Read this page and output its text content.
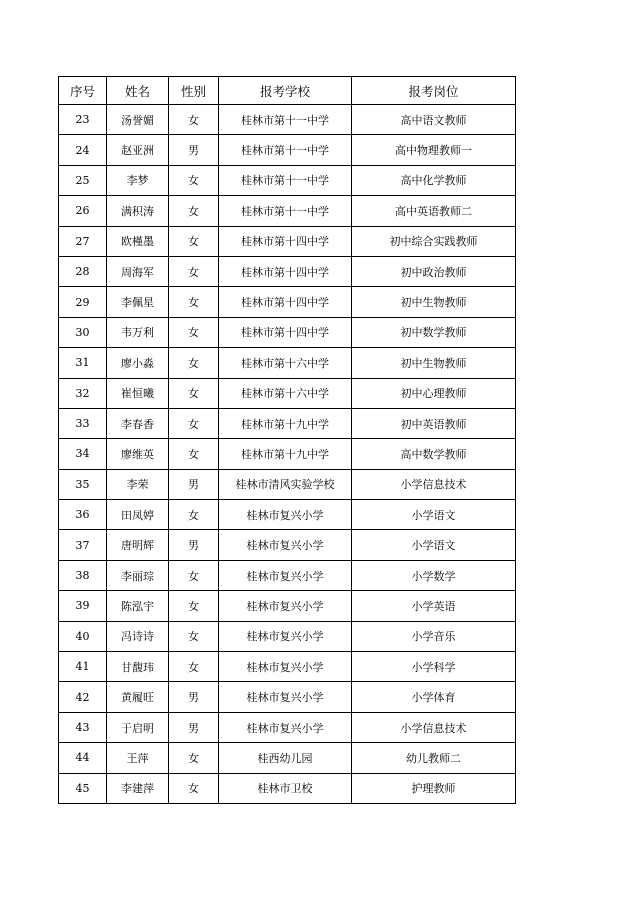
序号	姓名	性别	报考学校	报考岗位
23	汤誉媚	女	桂林市第十一中学	高中语文教师
24	赵亚洲	男	桂林市第十一中学	高中物理教师一
25	李梦	女	桂林市第十一中学	高中化学教师
26	满积涛	女	桂林市第十一中学	高中英语教师二
27	欧槿墨	女	桂林市第十四中学	初中综合实践教师
28	周海军	女	桂林市第十四中学	初中政治教师
29	李佩星	女	桂林市第十四中学	初中生物教师
30	韦万利	女	桂林市第十四中学	初中数学教师
31	廖小淼	女	桂林市第十六中学	初中生物教师
32	崔恒曦	女	桂林市第十六中学	初中心理教师
33	李春香	女	桂林市第十九中学	初中英语教师
34	廖维英	女	桂林市第十九中学	高中数学教师
35	李荣	男	桂林市清风实验学校	小学信息技术
36	田凤婷	女	桂林市复兴小学	小学语文
37	唐明辉	男	桂林市复兴小学	小学语文
38	李丽琮	女	桂林市复兴小学	小学数学
39	陈泓宇	女	桂林市复兴小学	小学英语
40	冯诗诗	女	桂林市复兴小学	小学音乐
41	甘馥玮	女	桂林市复兴小学	小学科学
42	黄履旺	男	桂林市复兴小学	小学体育
43	于启明	男	桂林市复兴小学	小学信息技术
44	王萍	女	桂西幼儿园	幼儿教师二
45	李建萍	女	桂林市卫校	护理教师
